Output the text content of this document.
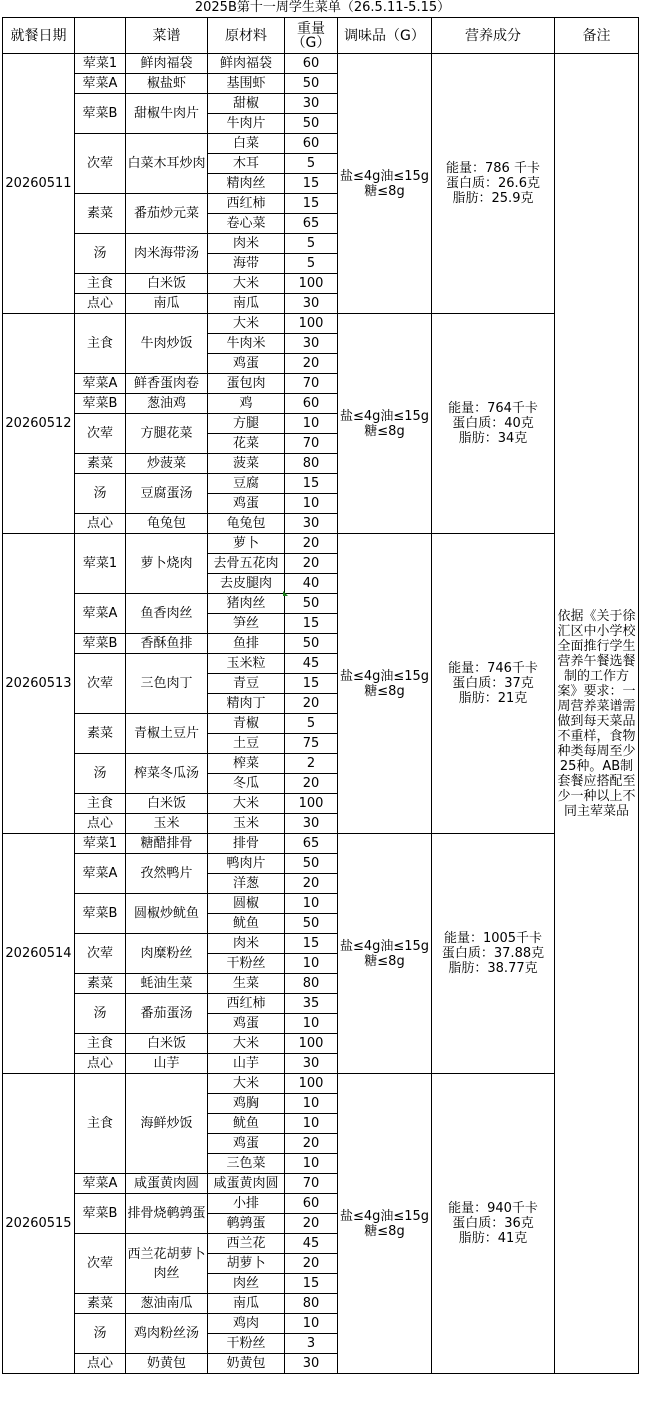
2025B第十一周学生菜单（26.5.11-5.15）
就餐日期		菜谱	原材料	重量（G）	调味品（G）	营养成分	备注
20260511	荤菜1	鲜肉福袋	鲜肉福袋	60	盐≤4g油≤15g糖≤8g	能量：786 千卡
蛋白质：26.6克
脂肪：25.9克	依据《关于徐汇区中小学校全面推行学生营养午餐选餐制的工作方案》要求：一周营养菜谱需做到每天菜品不重样，食物种类每周至少25种。AB制套餐应搭配至少一种以上不同主荤菜品
	荤菜A	椒盐虾	基围虾	50			
	荤菜B	甜椒牛肉片	甜椒	30			
			牛肉片	50			
	次荤	白菜木耳炒肉	白菜	60			
			木耳	5			
			精肉丝	15			
	素菜	番茄炒元菜	西红柿	15			
			卷心菜	65			
	汤	肉米海带汤	肉米	5			
			海带	5			
	主食	白米饭	大米	100			
	点心	南瓜	南瓜	30			
20260512	主食	牛肉炒饭	大米	100	盐≤4g油≤15g糖≤8g	能量：764千卡
蛋白质：40克
脂肪：34克	

			牛肉米	30			
			鸡蛋	20			
	荤菜A	鲜香蛋肉卷	蛋包肉	70			
	荤菜B	葱油鸡	鸡	60			
	次荤	方腿花菜	方腿	10			
			花菜	70			
	素菜	炒菠菜	菠菜	80			
	汤	豆腐蛋汤	豆腐	15			
			鸡蛋	10			
	点心	龟兔包	龟兔包	30			
20260513	荤菜1	萝卜烧肉	萝卜	20	盐≤4g油≤15g糖≤8g	能量：746千卡
蛋白质：37克
脂肪：21克	

			去骨五花肉	20			
			去皮腿肉	40			
	荤菜A	鱼香肉丝	猪肉丝	50			
			笋丝	15			
	荤菜B	香酥鱼排	鱼排	50			
	次荤	三色肉丁	玉米粒	45			
			青豆	15			
			精肉丁	20			
	素菜	青椒土豆片	青椒	5			
			土豆	75			
	汤	榨菜冬瓜汤	榨菜	2			
			冬瓜	20			
	主食	白米饭	大米	100			
	点心	玉米	玉米	30			
20260514	荤菜1	糖醋排骨	排骨	65	盐≤4g油≤15g糖≤8g	能量：1005千卡
蛋白质：37.88克
脂肪：38.77克	

	荤菜A	孜然鸭片	鸭肉片	50			
			洋葱	20			
	荤菜B	圆椒炒鱿鱼	圆椒	10			
			鱿鱼	50			
	次荤	肉糜粉丝	肉米	15			
			干粉丝	10			
	素菜	蚝油生菜	生菜	80			
	汤	番茄蛋汤	西红柿	35			
			鸡蛋	10			
	主食	白米饭	大米	100			
	点心	山芋	山芋	30			
20260515	主食	海鲜炒饭	大米	100	盐≤4g油≤15g糖≤8g	能量：940千卡
蛋白质：36克
脂肪：41克	

			鸡胸	10			
			鱿鱼	10			
			鸡蛋	20			
			三色菜	10			
	荤菜A	咸蛋黄肉圆	咸蛋黄肉圆	70			
	荤菜B	排骨烧鹌鹑蛋	小排	60			
			鹌鹑蛋	20			
	次荤	西兰花胡萝卜肉丝	西兰花	45			
			胡萝卜	20			
			肉丝	15			
	素菜	葱油南瓜	南瓜	80			
	汤	鸡肉粉丝汤	鸡肉	10			
			干粉丝	3			
	点心	奶黄包	奶黄包	30			
